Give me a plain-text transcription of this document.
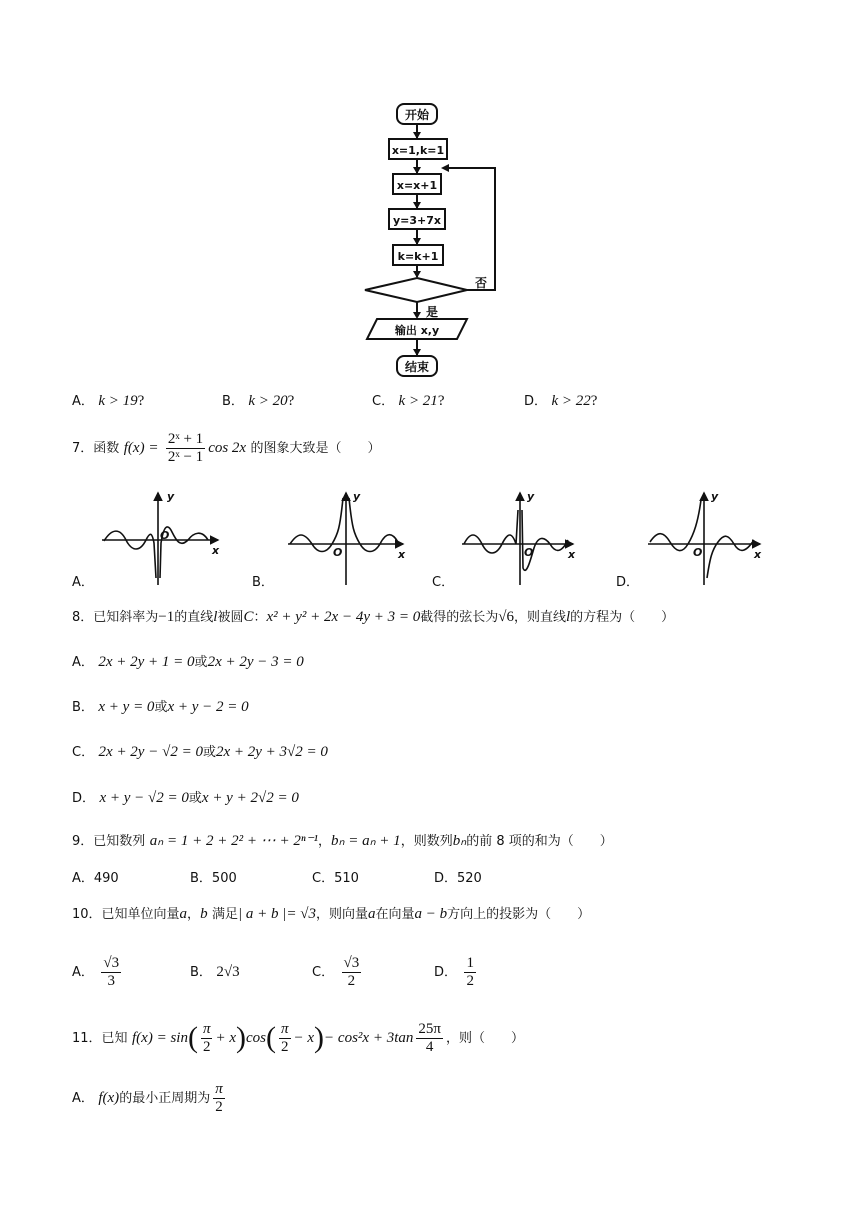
开始
x=1,k=1
x=x+1
y=3+7x
k=k+1
否
是
输出 x,y
结束
A． k > 19?	B． k > 20?	C． k > 21?	D． k > 22?
7．函数 $f(x) = \frac{\text{2ˣ + 1}}{\text{2ˣ − 1}}$ cos 2x 的图象大致是（　　）
y
x
O
y
x
O
y
x
O
y
x
O
A．	B．	C．	D．
8．已知斜率为−1的直线l被圆C：x² + y² + 2x − 4y + 3 = 0截得的弦长为√6，则直线l的方程为（　　）
A． 2x + 2y + 1 = 0或2x + 2y − 3 = 0
B． x + y = 0或x + y − 2 = 0
C． 2x + 2y − √2 = 0或2x + 2y + 3√2 = 0
D． x + y − √2 = 0或x + y + 2√2 = 0
9．已知数列 aₙ = 1 + 2 + 2² + ⋯ + 2ⁿ⁻¹，bₙ = aₙ + 1，则数列bₙ的前 8 项的和为（　　）
A．490	B．500	C．510	D．520
10．已知单位向量a，b 满足| a + b |= √3，则向量a在向量a − b方向上的投影为（　　）
A． $\frac{√3}{3}$	B． 2√3	C． $\frac{√3}{2}$	D． $\frac{1}{2}$
11．已知 $f(x) = \sin( \frac{\pi}{2} + x)\cos( \frac{\pi}{2} - x)- \cos^2x + 3\tan \frac{25\pi}{4}$ ，则（　　）
A． f(x)的最小正周期为 $\frac{\pi}{2}$
